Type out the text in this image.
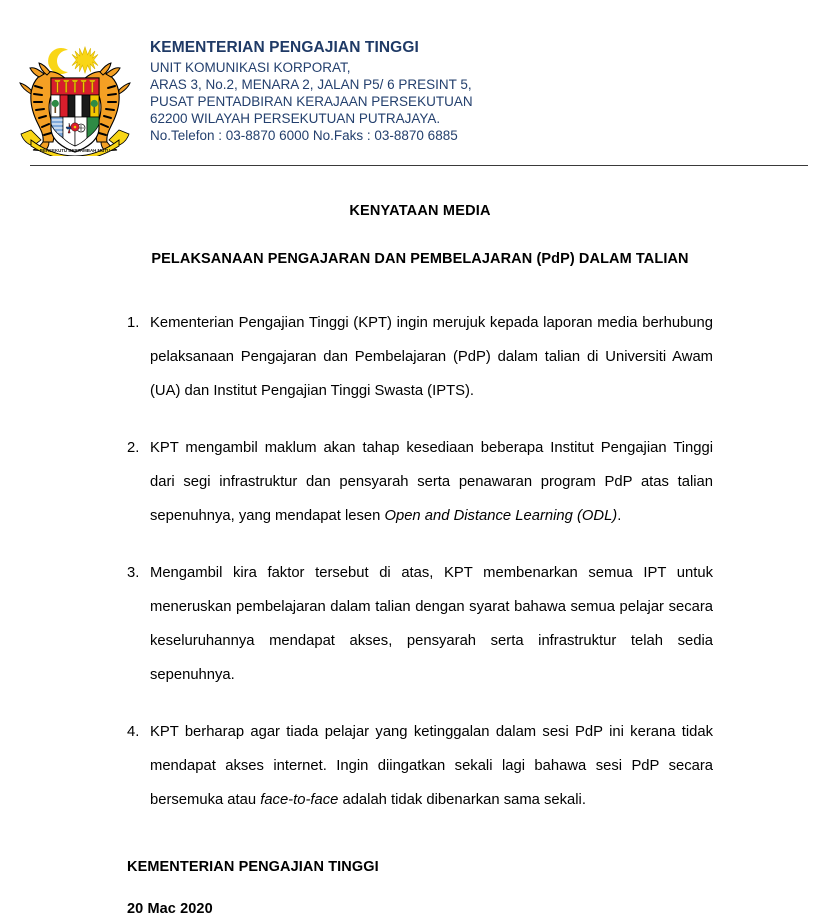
BERSEKUTU BERTAMBAH MUTU
KEMENTERIAN PENGAJIAN TINGGI
UNIT KOMUNIKASI KORPORAT,
ARAS 3, No.2, MENARA 2, JALAN P5/ 6 PRESINT 5,
PUSAT PENTADBIRAN KERAJAAN PERSEKUTUAN
62200 WILAYAH PERSEKUTUAN PUTRAJAYA.
No.Telefon : 03-8870 6000 No.Faks : 03-8870 6885
KENYATAAN MEDIA
PELAKSANAAN PENGAJARAN DAN PEMBELAJARAN (PdP) DALAM TALIAN
1. Kementerian Pengajian Tinggi (KPT) ingin merujuk kepada laporan media berhubung pelaksanaan Pengajaran dan Pembelajaran (PdP) dalam talian di Universiti Awam (UA) dan Institut Pengajian Tinggi Swasta (IPTS).
2. KPT mengambil maklum akan tahap kesediaan beberapa Institut Pengajian Tinggi dari segi infrastruktur dan pensyarah serta penawaran program PdP atas talian sepenuhnya, yang mendapat lesen Open and Distance Learning (ODL).
3. Mengambil kira faktor tersebut di atas, KPT membenarkan semua IPT untuk meneruskan pembelajaran dalam talian dengan syarat bahawa semua pelajar secara keseluruhannya mendapat akses, pensyarah serta infrastruktur telah sedia sepenuhnya.
4. KPT berharap agar tiada pelajar yang ketinggalan dalam sesi PdP ini kerana tidak mendapat akses internet. Ingin diingatkan sekali lagi bahawa sesi PdP secara bersemuka atau face-to-face adalah tidak dibenarkan sama sekali.
KEMENTERIAN PENGAJIAN TINGGI
20 Mac 2020
